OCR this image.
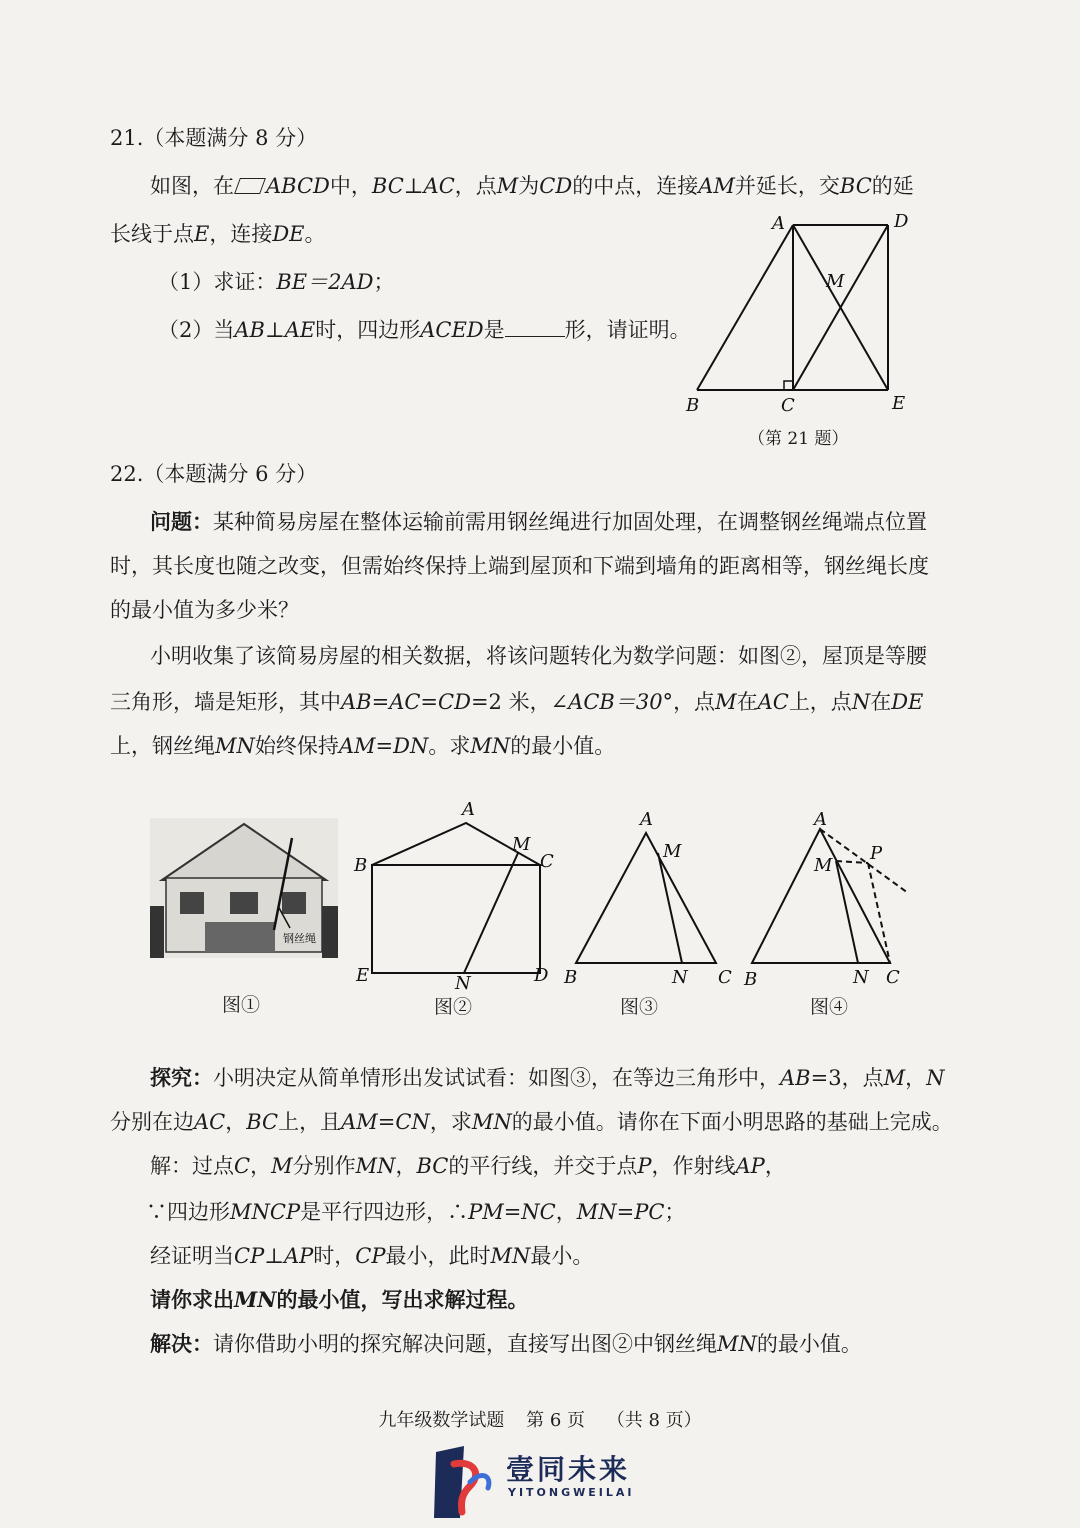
21.（本题满分 8 分）
如图，在 ABCD中，BC⊥AC，点M为CD的中点，连接AM并延长，交BC的延
长线于点E，连接DE。
（1）求证：BE＝2AD；
（2）当AB⊥AE时，四边形ACED是	形，请证明。
A	D
M
B	C	E
（第 21 题）
22.（本题满分 6 分）
问题：某种简易房屋在整体运输前需用钢丝绳进行加固处理，在调整钢丝绳端点位置
时，其长度也随之改变，但需始终保持上端到屋顶和下端到墙角的距离相等，钢丝绳长度
的最小值为多少米？
小明收集了该简易房屋的相关数据，将该问题转化为数学问题：如图②，屋顶是等腰
三角形，墙是矩形，其中AB=AC=CD=2 米，∠ACB＝30°，点M在AC上，点N在DE
上，钢丝绳MN始终保持AM=DN。求MN的最小值。
钢丝绳
图①
A
B	C
M
E	N	D
图②
A
M
B	N C
图③
A
M
P
B	N C
图④
探究：小明决定从简单情形出发试试看：如图③，在等边三角形中，AB=3，点M，N
分别在边AC，BC上，且AM=CN，求MN的最小值。请你在下面小明思路的基础上完成。
解：过点C，M分别作MN，BC的平行线，并交于点P，作射线AP，
∵四边形MNCP是平行四边形，∴PM=NC，MN=PC；
经证明当CP⊥AP时，CP最小，此时MN最小。
请你求出MN的最小值，写出求解过程。
解决：请你借助小明的探究解决问题，直接写出图②中钢丝绳MN的最小值。
九年级数学试题 第 6 页 （共 8 页）
壹同未来
YITONGWEILAI
